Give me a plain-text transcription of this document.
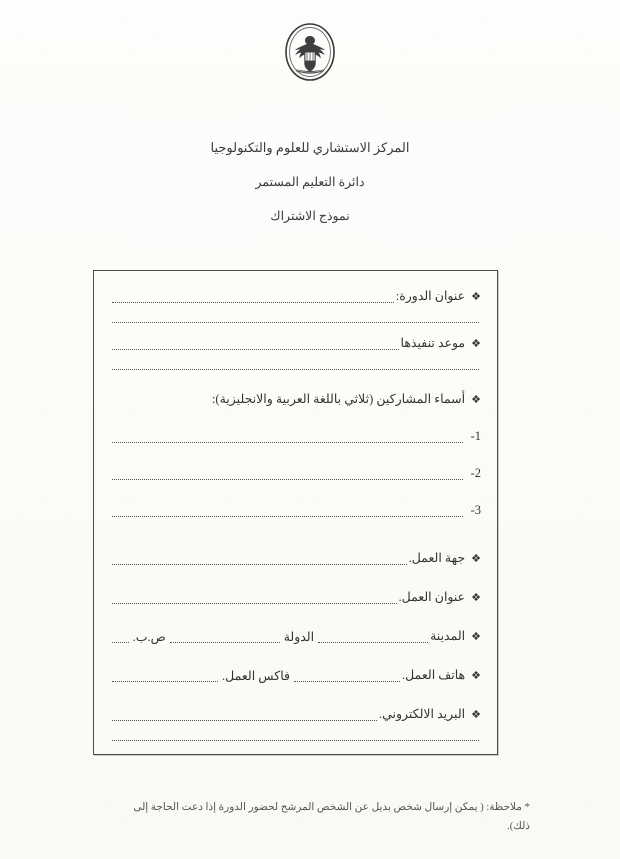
المركز الاستشاري للعلوم والتكنولوجيا
دائرة التعليم المستمر
نموذج الاشتراك
❖
عنوان الدورة:
❖
موعد تنفيذها
❖
أسماء المشاركين (ثلاثي باللغة العربية والانجليزية):
1-
2-
3-
❖
جهة العمل.
❖
عنوان العمل.
❖
المدينة
الدولة
ص.ب.
❖
هاتف العمل.
فاكس العمل.
❖
البريد الالكتروني.
* ملاحظة: ( يمكن إرسال شخص بديل عن الشخص المرشح لحضور الدورة إذا دعت الحاجة إلى
ذلك).
